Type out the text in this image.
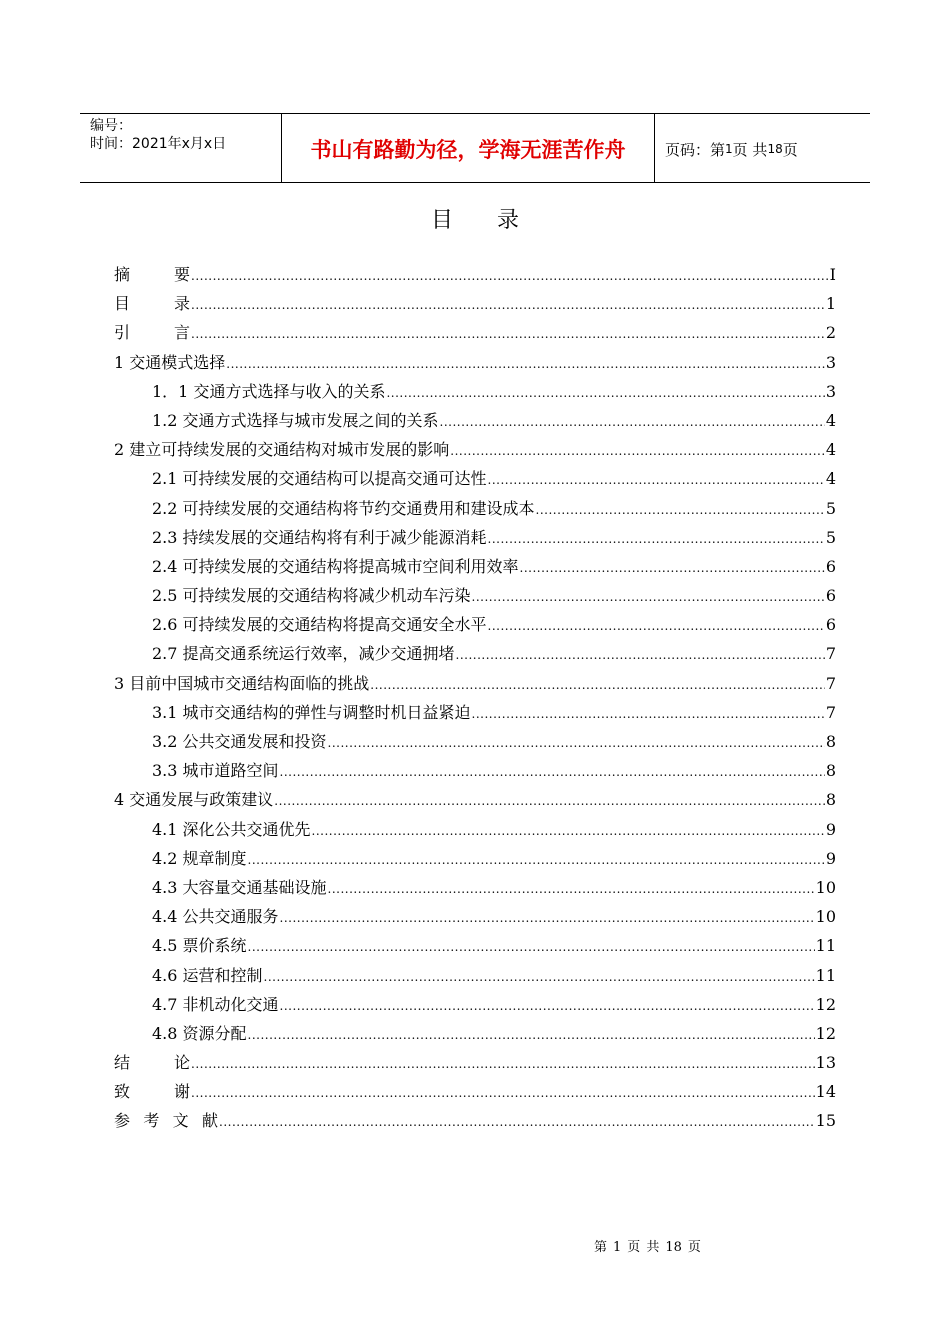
编号：
时间：2021年x月x日	书山有路勤为径，学海无涯苦作舟	页码：第 1 页 共 18 页
目录
摘	要 .....	I
目	录 .....	1
引	言 .....	2
1 交通模式选择 .....	3
1．1 交通方式选择与收入的关系 .....	3
1.2 交通方式选择与城市发展之间的关系 .....	4
2 建立可持续发展的交通结构对城市发展的影响 .....	4
2.1 可持续发展的交通结构可以提高交通可达性 .....	4
2.2 可持续发展的交通结构将节约交通费用和建设成本 .....	5
2.3 持续发展的交通结构将有利于减少能源消耗 .....	5
2.4 可持续发展的交通结构将提高城市空间利用效率 .....	6
2.5 可持续发展的交通结构将减少机动车污染 .....	6
2.6 可持续发展的交通结构将提高交通安全水平 .....	6
2.7 提高交通系统运行效率，减少交通拥堵 .....	7
3 目前中国城市交通结构面临的挑战 .....	7
3.1 城市交通结构的弹性与调整时机日益紧迫 .....	7
3.2 公共交通发展和投资 .....	8
3.3 城市道路空间 .....	8
4 交通发展与政策建议 .....	8
4.1 深化公共交通优先 .....	9
4.2 规章制度 .....	9
4.3 大容量交通基础设施 .....	10
4.4 公共交通服务 .....	10
4.5 票价系统 .....	11
4.6 运营和控制 .....	11
4.7 非机动化交通 .....	12
4.8 资源分配 .....	12
结	论 .....	13
致	谢 .....	14
参 考 文 献 .....	15
第 1 页 共 18 页
